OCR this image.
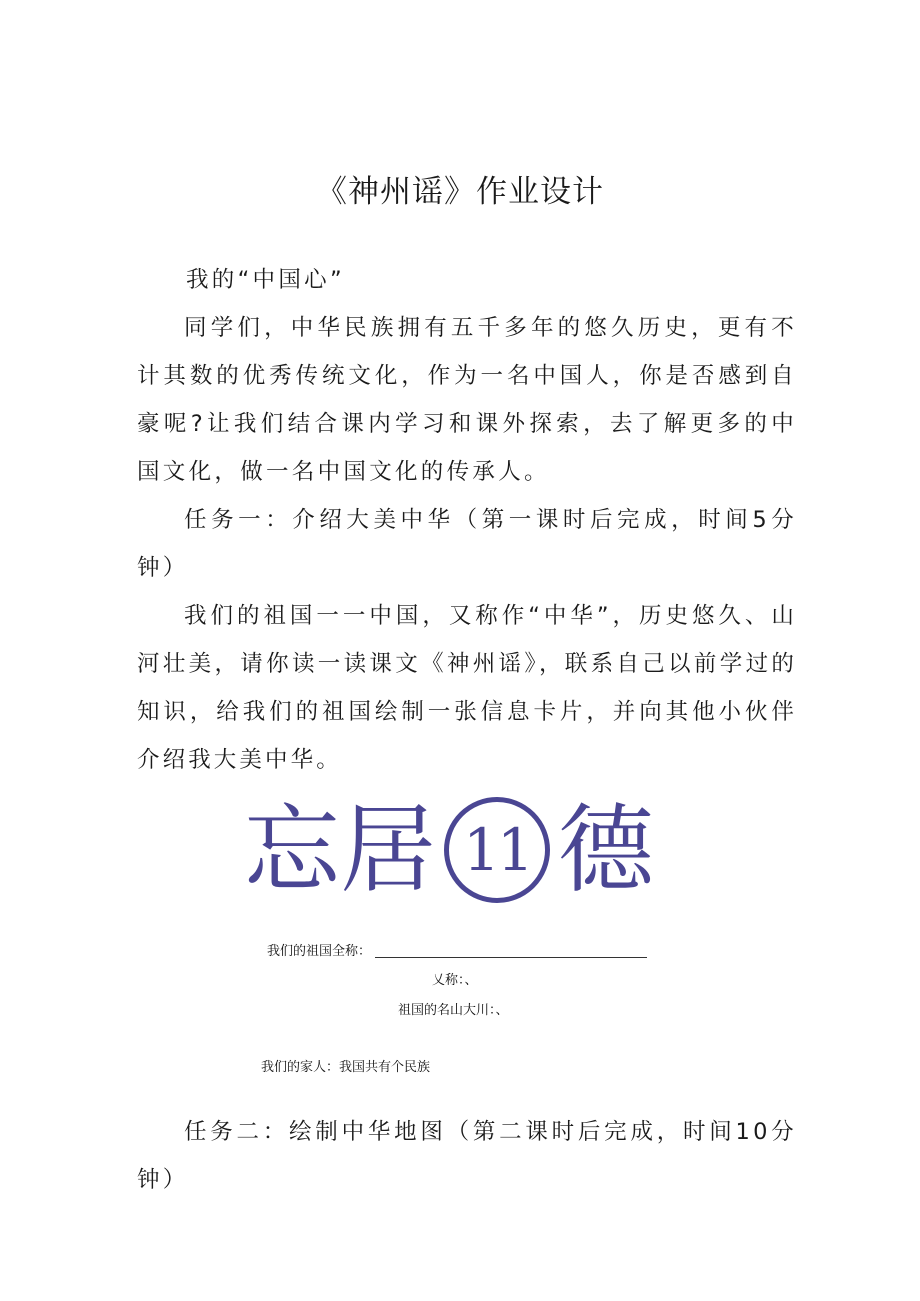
《神州谣》作业设计

我的“中国心”

同学们，中华民族拥有五千多年的悠久历史，更有不计其数的优秀传统文化，作为一名中国人，你是否感到自豪呢?让我们结合课内学习和课外探索，去了解更多的中国文化，做一名中国文化的传承人。

任务一：介绍大美中华（第一课时后完成，时间5分钟）

我们的祖国一一中国，又称作“中华”，历史悠久、山河壮美，请你读一读课文《神州谣》，联系自己以前学过的知识，给我们的祖国绘制一张信息卡片，并向其他小伙伴介绍我大美中华。

忘 居 11 德

我们的祖国全称：

乂称：、

祖国的名山大川：、

我们的家人：我国共有个民族

任务二：绘制中华地图（第二课时后完成，时间10分钟）
